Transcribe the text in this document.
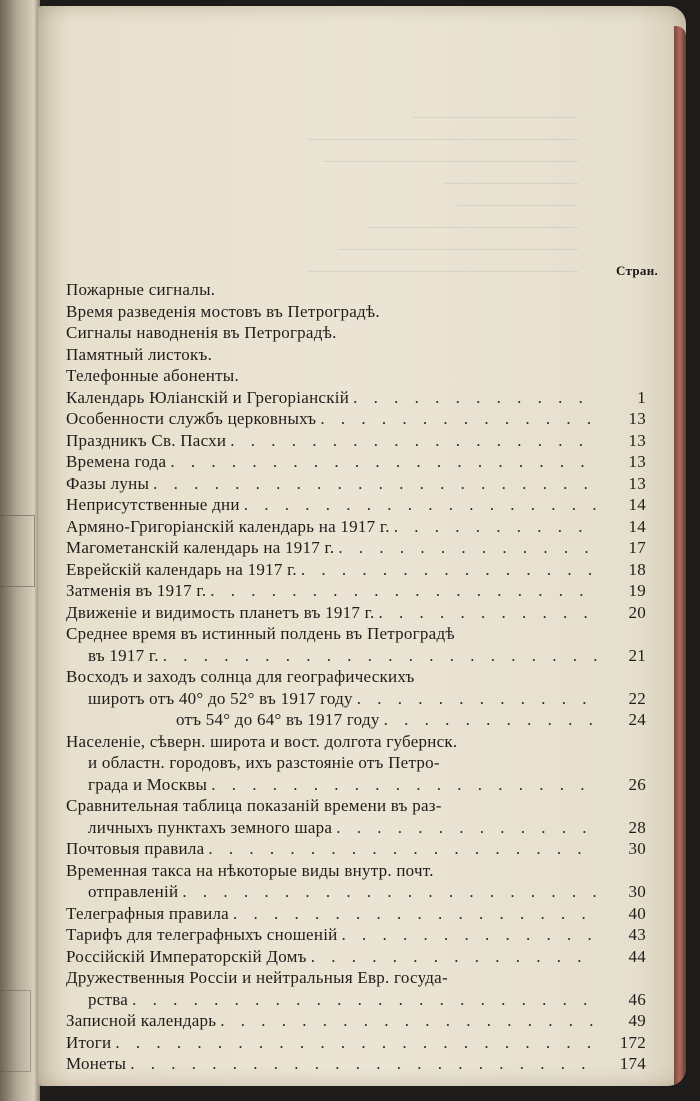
———————————
——————————————————
—————————————————
—————————
————————
——————————————
————————————————
——————————————————	Стран.
Пожарные сигналы.
Время разведенія мостовъ въ Петроградѣ.
Сигналы наводненія въ Петроградѣ.
Памятный листокъ.
Телефонные абоненты.
Календарь Юліанскій и Грегоріанскій . . .	1
Особенности службъ церковныхъ . . .	13
Праздникъ Св. Пасхи . . .	13
Времена года . . .	13
Фазы луны . . .	13
Неприсутственные дни . . .	14
Армяно-Григоріанскій календарь на 1917 г. . . .	14
Магометанскій календарь на 1917 г. . . .	17
Еврейскій календарь на 1917 г. . . .	18
Затменія въ 1917 г. . . .	19
Движеніе и видимость планетъ въ 1917 г. . . .	20
Среднее время въ истинный полдень въ Петроградѣ
въ 1917 г. . . .	21
Восходъ и заходъ солнца для географическихъ
широтъ отъ 40° до 52° въ 1917 году . . .	22
отъ 54° до 64° въ 1917 году . . .	24
Населеніе, сѣверн. широта и вост. долгота губернск.
и областн. городовъ, ихъ разстояніе отъ Петро-
града и Москвы . . .	26
Сравнительная таблица показаній времени въ раз-
личныхъ пунктахъ земного шара . . .	28
Почтовыя правила . . .	30
Временная такса на нѣкоторые виды внутр. почт.
отправленій . . .	30
Телеграфныя правила . . .	40
Тарифъ для телеграфныхъ сношеній . . .	43
Россійскій Императорскій Домъ . . .	44
Дружественныя Россіи и нейтральныя Евр. госуда-
рства . . .	46
Записной календарь . . .	49
Итоги . . .	172
Монеты . . .	174
